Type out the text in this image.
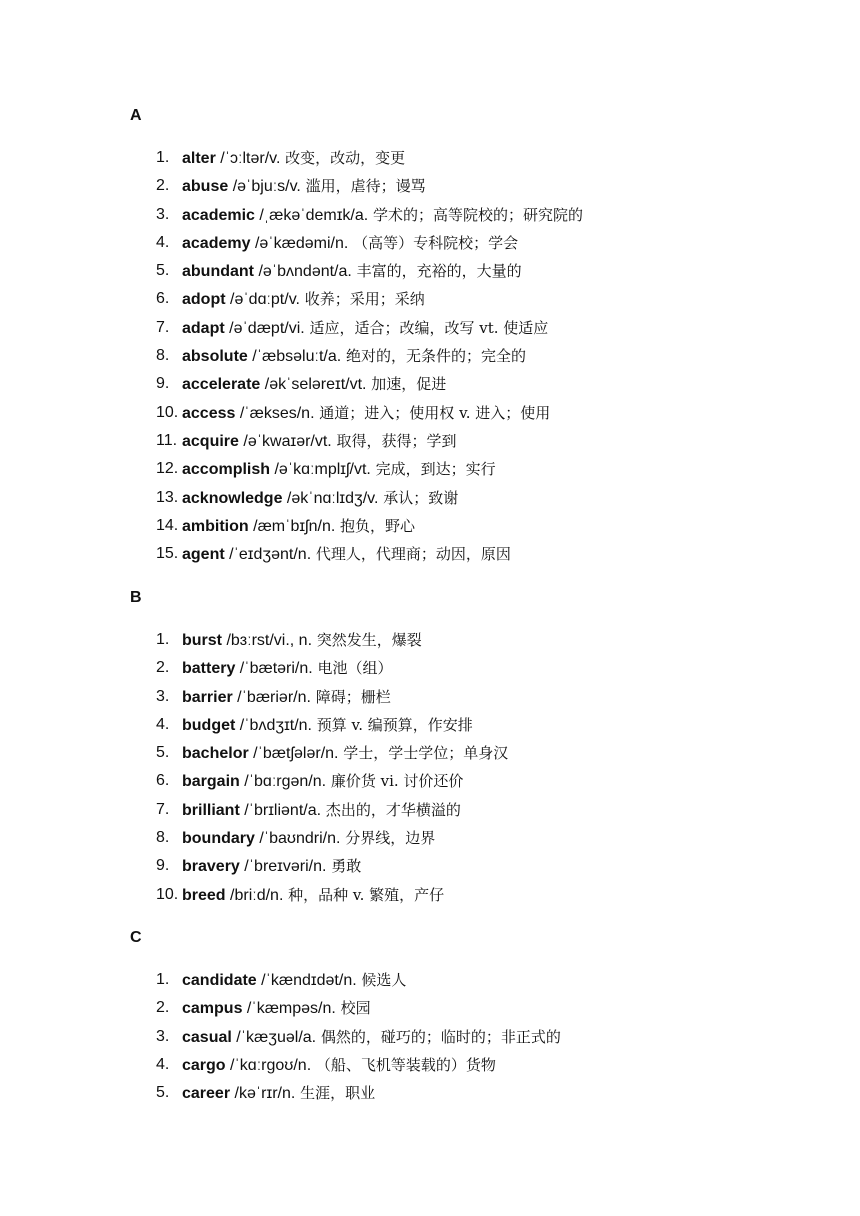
A
1. alter /ˈɔːltər/v. 改变，改动，变更
2. abuse /əˈbjuːs/v. 滥用，虐待；谩骂
3. academic /ˌækəˈdemɪk/a. 学术的；高等院校的；研究院的
4. academy /əˈkædəmi/n. （高等）专科院校；学会
5. abundant /əˈbʌndənt/a. 丰富的，充裕的，大量的
6. adopt /əˈdɑːpt/v. 收养；采用；采纳
7. adapt /əˈdæpt/vi. 适应，适合；改编，改写 vt. 使适应
8. absolute /ˈæbsəluːt/a. 绝对的，无条件的；完全的
9. accelerate /əkˈseləreɪt/vt. 加速，促进
10. access /ˈækses/n. 通道；进入；使用权 v. 进入；使用
11. acquire /əˈkwaɪər/vt. 取得，获得；学到
12. accomplish /əˈkɑːmplɪʃ/vt. 完成，到达；实行
13. acknowledge /əkˈnɑːlɪdʒ/v. 承认；致谢
14. ambition /æmˈbɪʃn/n. 抱负，野心
15. agent /ˈeɪdʒənt/n. 代理人，代理商；动因，原因
B
1. burst /bɜːrst/vi., n. 突然发生，爆裂
2. battery /ˈbætəri/n. 电池（组）
3. barrier /ˈbæriər/n. 障碍；栅栏
4. budget /ˈbʌdʒɪt/n. 预算 v. 编预算，作安排
5. bachelor /ˈbætʃələr/n. 学士，学士学位；单身汉
6. bargain /ˈbɑːrgən/n. 廉价货 vi. 讨价还价
7. brilliant /ˈbrɪliənt/a. 杰出的，才华横溢的
8. boundary /ˈbaʊndri/n. 分界线，边界
9. bravery /ˈbreɪvəri/n. 勇敢
10. breed /briːd/n. 种，品种 v. 繁殖，产仔
C
1. candidate /ˈkændɪdət/n. 候选人
2. campus /ˈkæmpəs/n. 校园
3. casual /ˈkæʒuəl/a. 偶然的，碰巧的；临时的；非正式的
4. cargo /ˈkɑːrgoʊ/n. （船、飞机等装载的）货物
5. career /kəˈrɪr/n. 生涯，职业
